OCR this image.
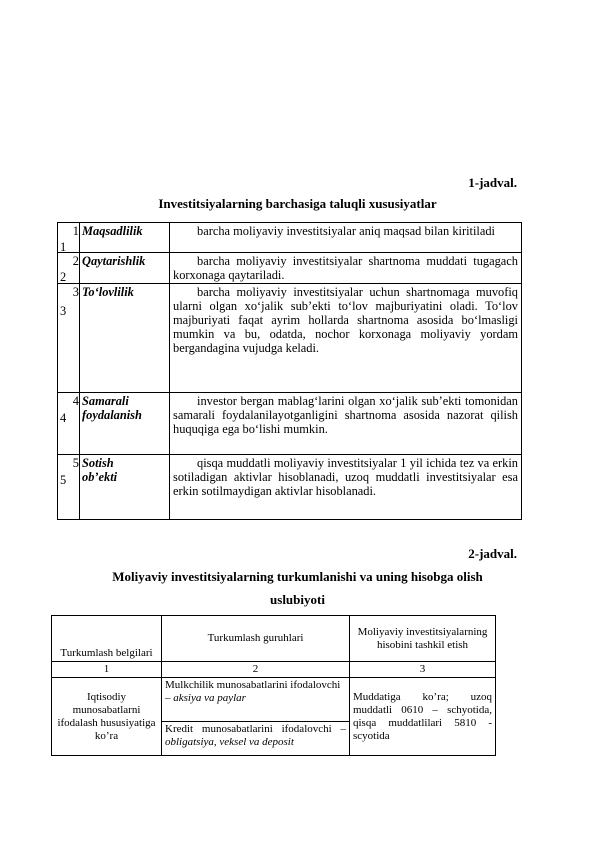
1-jadval.
Investitsiyalarning barchasiga taluqli xususiyatlar
1
1	Maqsadlilik	barcha moliyaviy investitsiyalar aniq maqsad bilan kiritiladi

2
2	Qaytarishlik	barcha moliyaviy investitsiyalar shartnoma muddati tugagach korxonaga qaytariladi.

3
3	To‘lovlilik	barcha moliyaviy investitsiyalar uchun shartnomaga muvofiq ularni olgan xo‘jalik sub’ekti to‘lov majburiyatini oladi. To‘lov majburiyati faqat ayrim hollarda shartnoma asosida bo‘lmasligi mumkin va bu, odatda, nochor korxonaga moliyaviy yordam bergandagina vujudga keladi.

4
4	Samarali foydalanish	investor bergan mablag‘larini olgan xo‘jalik sub’ekti tomonidan samarali foydalanilayotganligini shartnoma asosida nazorat qilish huquqiga ega bo‘lishi mumkin.

5
5	Sotish ob’ekti	qisqa muddatli moliyaviy investitsiyalar 1 yil ichida tez va erkin sotiladigan aktivlar hisoblanadi, uzoq muddatli investitsiyalar esa erkin sotilmaydigan aktivlar hisoblanadi.
2-jadval.
Moliyaviy investitsiyalarning turkumlanishi va uning hisobga olish
uslubiyoti
Turkumlash belgilari	Turkumlash guruhlari	Moliyaviy investitsiyalarning hisobini tashkil etish
1	2	3
Iqtisodiy munosabatlarni ifodalash hususiyatiga ko’ra	Mulkchilik munosabatlarini ifodalovchi – aksiya va paylar	Muddatiga ko’ra; uzoq muddatli 0610 – schyotida, qisqa muddatlilari 5810 - scyotida
	Kredit munosabatlarini ifodalovchi – obligatsiya, veksel va deposit	
